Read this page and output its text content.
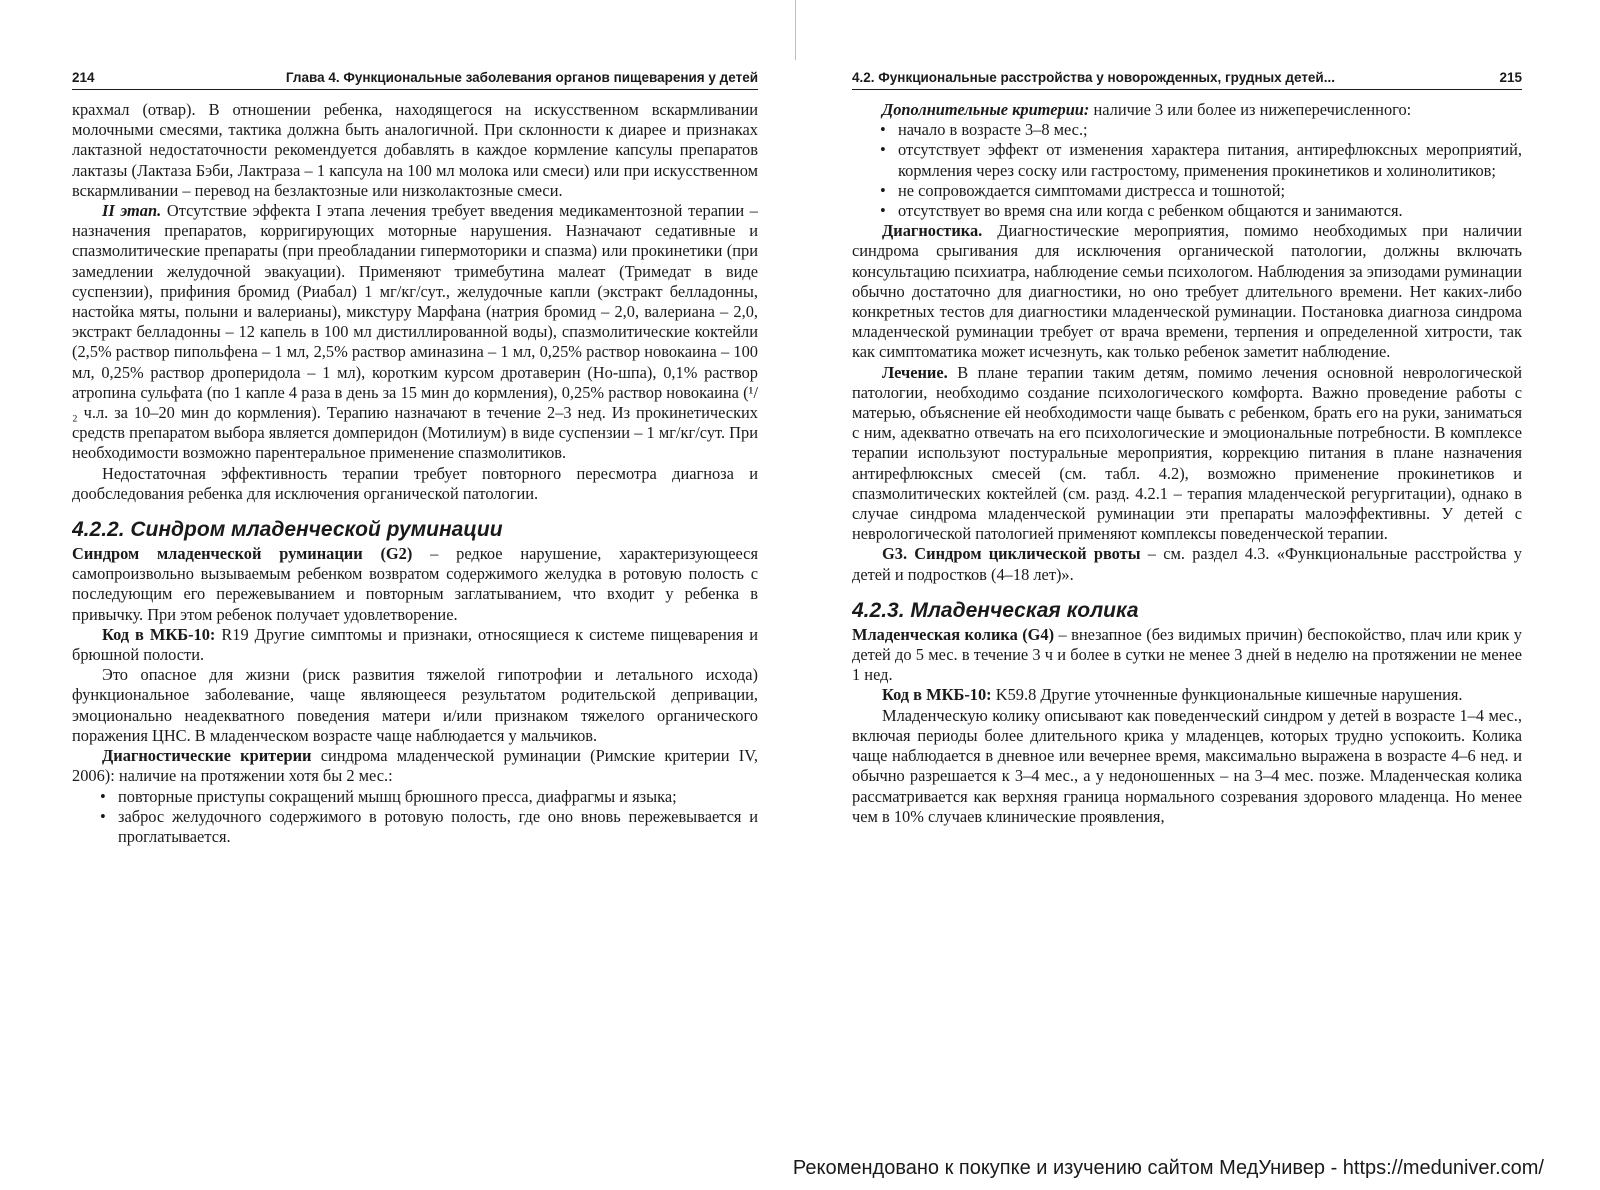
214	Глава 4. Функциональные заболевания органов пищеварения у детей

крахмал (отвар). В отношении ребенка, находящегося на искусственном вскармливании молочными смесями, тактика должна быть аналогичной. При склонности к диарее и признаках лактазной недостаточности рекомендуется добавлять в каждое кормление капсулы препаратов лактазы (Лактаза Бэби, Лактраза – 1 капсула на 100 мл молока или смеси) или при искусственном вскармливании – перевод на безлактозные или низколактозные смеси.

II этап. Отсутствие эффекта I этапа лечения требует введения медикаментозной терапии – назначения препаратов, корригирующих моторные нарушения. Назначают седативные и спазмолитические препараты (при преобладании гипермоторики и спазма) или прокинетики (при замедлении желудочной эвакуации). Применяют тримебутина малеат (Тримедат в виде суспензии), прифиния бромид (Риабал) 1 мг/кг/сут., желудочные капли (экстракт белладонны, настойка мяты, полыни и валерианы), микстуру Марфана (натрия бромид – 2,0, валериана – 2,0, экстракт белладонны – 12 капель в 100 мл дистиллированной воды), спазмолитические коктейли (2,5% раствор пипольфена – 1 мл, 2,5% раствор аминазина – 1 мл, 0,25% раствор новокаина – 100 мл, 0,25% раствор дроперидола – 1 мл), коротким курсом дротаверин (Но-шпа), 0,1% раствор атропина сульфата (по 1 капле 4 раза в день за 15 мин до кормления), 0,25% раствор новокаина (¹/₂ ч.л. за 10–20 мин до кормления). Терапию назначают в течение 2–3 нед. Из прокинетических средств препаратом выбора является домперидон (Мотилиум) в виде суспензии – 1 мг/кг/сут. При необходимости возможно парентеральное применение спазмолитиков.

Недостаточная эффективность терапии требует повторного пересмотра диагноза и дообследования ребенка для исключения органической патологии.

4.2.2. Синдром младенческой руминации

Синдром младенческой руминации (G2) – редкое нарушение, характеризующееся самопроизвольно вызываемым ребенком возвратом содержимого желудка в ротовую полость с последующим его пережевыванием и повторным заглатыванием, что входит у ребенка в привычку. При этом ребенок получает удовлетворение.

Код в МКБ-10: R19 Другие симптомы и признаки, относящиеся к системе пищеварения и брюшной полости.

Это опасное для жизни (риск развития тяжелой гипотрофии и летального исхода) функциональное заболевание, чаще являющееся результатом родительской депривации, эмоционально неадекватного поведения матери и/или признаком тяжелого органического поражения ЦНС. В младенческом возрасте чаще наблюдается у мальчиков.

Диагностические критерии синдрома младенческой руминации (Римские критерии IV, 2006): наличие на протяжении хотя бы 2 мес.:

• повторные приступы сокращений мышц брюшного пресса, диафрагмы и языка;
• заброс желудочного содержимого в ротовую полость, где оно вновь пережевывается и проглатывается.
4.2. Функциональные расстройства у новорожденных, грудных детей...	215

Дополнительные критерии: наличие 3 или более из нижеперечисленного:

• начало в возрасте 3–8 мес.;
• отсутствует эффект от изменения характера питания, антирефлюксных мероприятий, кормления через соску или гастростому, применения прокинетиков и холинолитиков;
• не сопровождается симптомами дистресса и тошнотой;
• отсутствует во время сна или когда с ребенком общаются и занимаются.

Диагностика. Диагностические мероприятия, помимо необходимых при наличии синдрома срыгивания для исключения органической патологии, должны включать консультацию психиатра, наблюдение семьи психологом. Наблюдения за эпизодами руминации обычно достаточно для диагностики, но оно требует длительного времени. Нет каких-либо конкретных тестов для диагностики младенческой руминации. Постановка диагноза синдрома младенческой руминации требует от врача времени, терпения и определенной хитрости, так как симптоматика может исчезнуть, как только ребенок заметит наблюдение.

Лечение. В плане терапии таким детям, помимо лечения основной неврологической патологии, необходимо создание психологического комфорта. Важно проведение работы с матерью, объяснение ей необходимости чаще бывать с ребенком, брать его на руки, заниматься с ним, адекватно отвечать на его психологические и эмоциональные потребности. В комплексе терапии используют постуральные мероприятия, коррекцию питания в плане назначения антирефлюксных смесей (см. табл. 4.2), возможно применение прокинетиков и спазмолитических коктейлей (см. разд. 4.2.1 – терапия младенческой регургитации), однако в случае синдрома младенческой руминации эти препараты малоэффективны. У детей с неврологической патологией применяют комплексы поведенческой терапии.

G3. Синдром циклической рвоты – см. раздел 4.3. «Функциональные расстройства у детей и подростков (4–18 лет)».

4.2.3. Младенческая колика

Младенческая колика (G4) – внезапное (без видимых причин) беспокойство, плач или крик у детей до 5 мес. в течение 3 ч и более в сутки не менее 3 дней в неделю на протяжении не менее 1 нед.

Код в МКБ-10: K59.8 Другие уточненные функциональные кишечные нарушения.

Младенческую колику описывают как поведенческий синдром у детей в возрасте 1–4 мес., включая периоды более длительного крика у младенцев, которых трудно успокоить. Колика чаще наблюдается в дневное или вечернее время, максимально выражена в возрасте 4–6 нед. и обычно разрешается к 3–4 мес., а у недоношенных – на 3–4 мес. позже. Младенческая колика рассматривается как верхняя граница нормального созревания здорового младенца. Но менее чем в 10% случаев клинические проявления,

Рекомендовано к покупке и изучению сайтом МедУнивер - https://meduniver.com/
